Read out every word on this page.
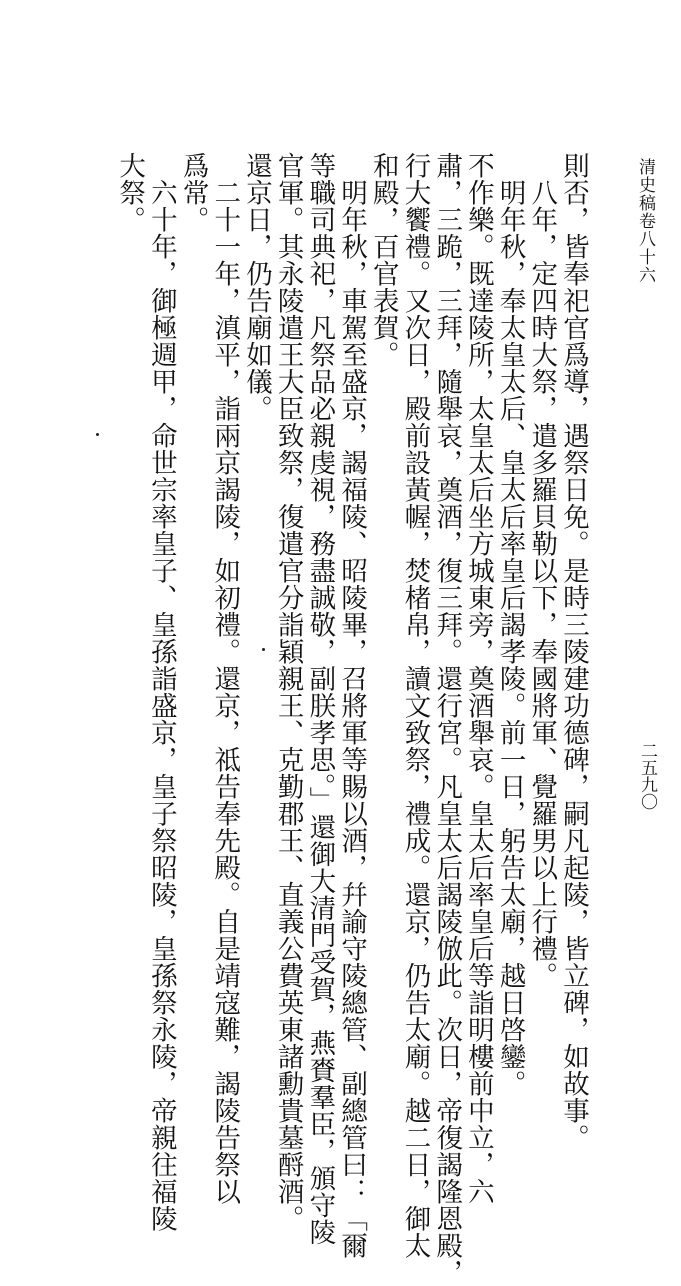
清史稿卷八十六
二五九〇
則否，皆奉祀官爲導，遇祭日免。是時三陵建功德碑，嗣凡起陵，皆立碑，如故事。
八年，定四時大祭，遣多羅貝勒以下，奉國將軍、覺羅男以上行禮。
明年秋，奉太皇太后、皇太后率皇后謁孝陵。前一日，躬告太廟，越日啓鑾。
不作樂。既達陵所，太皇太后坐方城東旁，奠酒舉哀。皇太后率皇后等詣明樓前中立，六
肅，三跪，三拜，隨舉哀，奠酒，復三拜。還行宮。凡皇太后謁陵倣此。次日，帝復謁隆恩殿，
行大饗禮。又次日，殿前設黃幄，焚楮帛，讀文致祭，禮成。還京，仍告太廟。越二日，御太
和殿，百官表賀。
明年秋，車駕至盛京，謁福陵、昭陵畢，召將軍等賜以酒，幷諭守陵總管、副總管曰：「爾
等職司典祀，凡祭品必親虔視，務盡誠敬，副朕孝思。」還御大清門受賀，燕賚羣臣，頒守陵
官軍。其永陵遣王大臣致祭，復遣官分詣穎親王、克勤郡王、直義公費英東諸勳貴墓酹酒。
還京日，仍告廟如儀。
二十一年，滇平，詣兩京謁陵，如初禮。還京，祗告奉先殿。自是靖寇難，謁陵告祭以
爲常。
六十年，御極週甲，命世宗率皇子、皇孫詣盛京，皇子祭昭陵，皇孫祭永陵，帝親往福陵
大祭。
